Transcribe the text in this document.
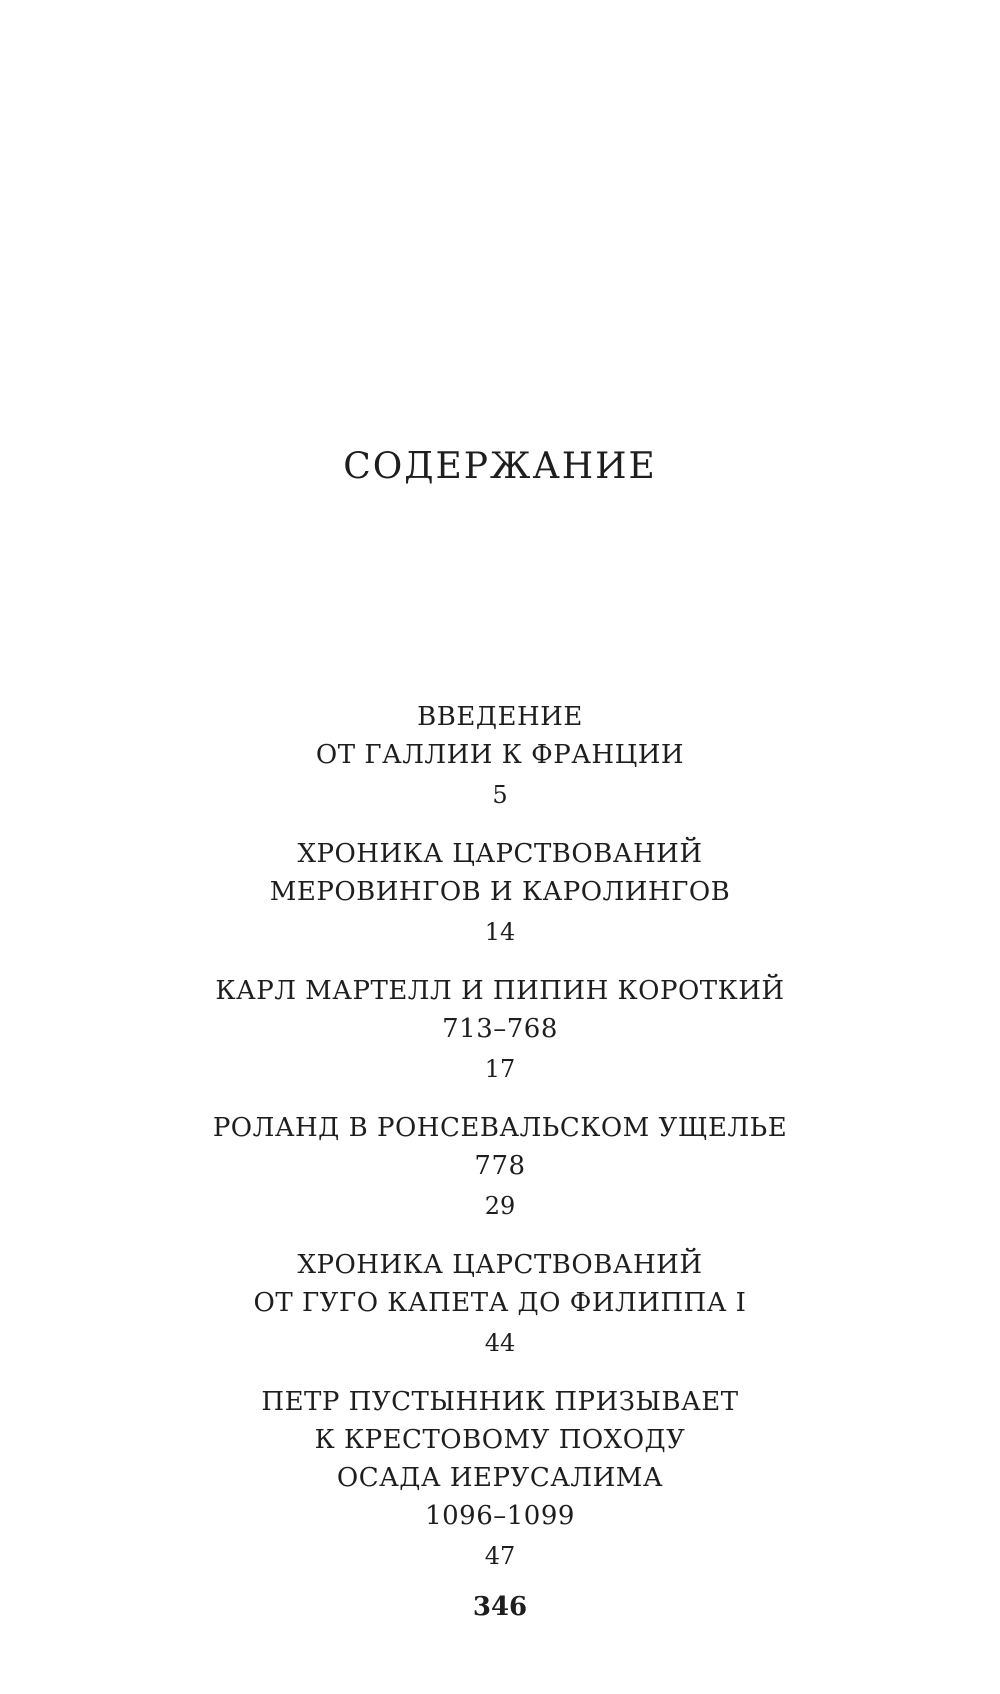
СОДЕРЖАНИЕ
ВВЕДЕНИЕ
ОТ ГАЛЛИИ К ФРАНЦИИ
5
ХРОНИКА ЦАРСТВОВАНИЙ
МЕРОВИНГОВ И КАРОЛИНГОВ
14
КАРЛ МАРТЕЛЛ И ПИПИН КОРОТКИЙ
713–768
17
РОЛАНД В РОНСЕВАЛЬСКОМ УЩЕЛЬЕ
778
29
ХРОНИКА ЦАРСТВОВАНИЙ
ОТ ГУГО КАПЕТА ДО ФИЛИППА I
44
ПЕТР ПУСТЫННИК ПРИЗЫВАЕТ
К КРЕСТОВОМУ ПОХОДУ
ОСАДА ИЕРУСАЛИМА
1096–1099
47
346
